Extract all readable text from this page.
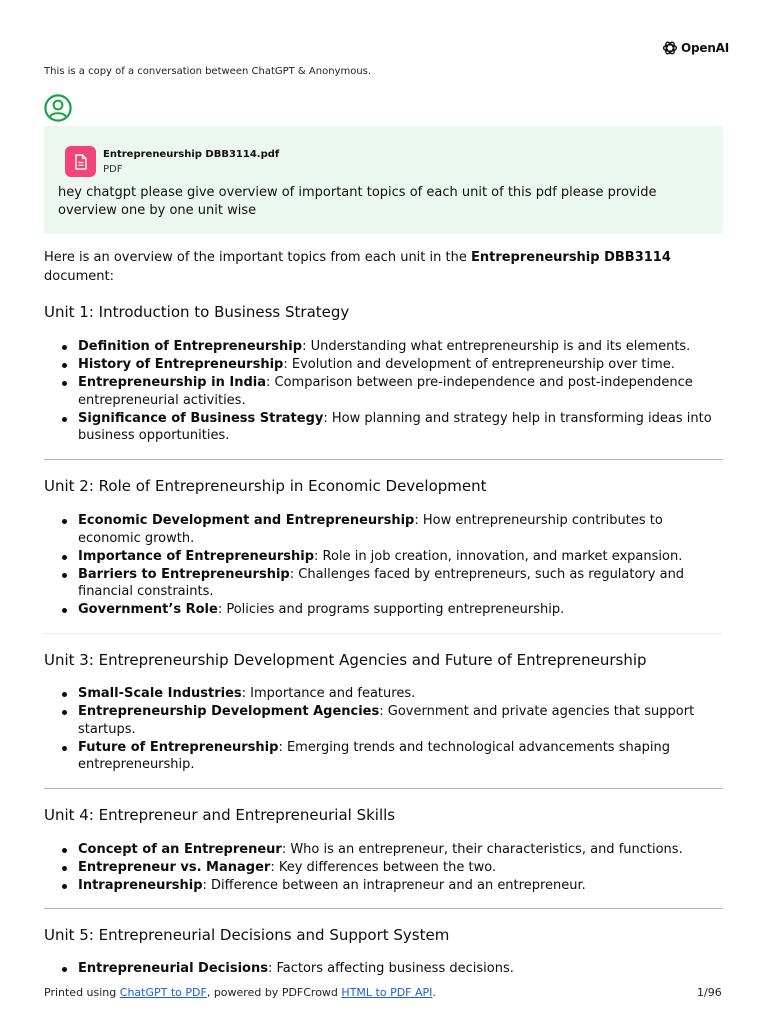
OpenAI
This is a copy of a conversation between ChatGPT & Anonymous.
Entrepreneurship DBB3114.pdf
PDF
hey chatgpt please give overview of important topics of each unit of this pdf please provide overview one by one unit wise
Here is an overview of the important topics from each unit in the Entrepreneurship DBB3114 document:
Unit 1: Introduction to Business Strategy
Definition of Entrepreneurship: Understanding what entrepreneurship is and its elements.
History of Entrepreneurship: Evolution and development of entrepreneurship over time.
Entrepreneurship in India: Comparison between pre-independence and post-independence entrepreneurial activities.
Significance of Business Strategy: How planning and strategy help in transforming ideas into business opportunities.
Unit 2: Role of Entrepreneurship in Economic Development
Economic Development and Entrepreneurship: How entrepreneurship contributes to economic growth.
Importance of Entrepreneurship: Role in job creation, innovation, and market expansion.
Barriers to Entrepreneurship: Challenges faced by entrepreneurs, such as regulatory and financial constraints.
Government’s Role: Policies and programs supporting entrepreneurship.
Unit 3: Entrepreneurship Development Agencies and Future of Entrepreneurship
Small-Scale Industries: Importance and features.
Entrepreneurship Development Agencies: Government and private agencies that support startups.
Future of Entrepreneurship: Emerging trends and technological advancements shaping entrepreneurship.
Unit 4: Entrepreneur and Entrepreneurial Skills
Concept of an Entrepreneur: Who is an entrepreneur, their characteristics, and functions.
Entrepreneur vs. Manager: Key differences between the two.
Intrapreneurship: Difference between an intrapreneur and an entrepreneur.
Unit 5: Entrepreneurial Decisions and Support System
Entrepreneurial Decisions: Factors affecting business decisions.
Printed using ChatGPT to PDF, powered by PDFCrowd HTML to PDF API.	1/96
